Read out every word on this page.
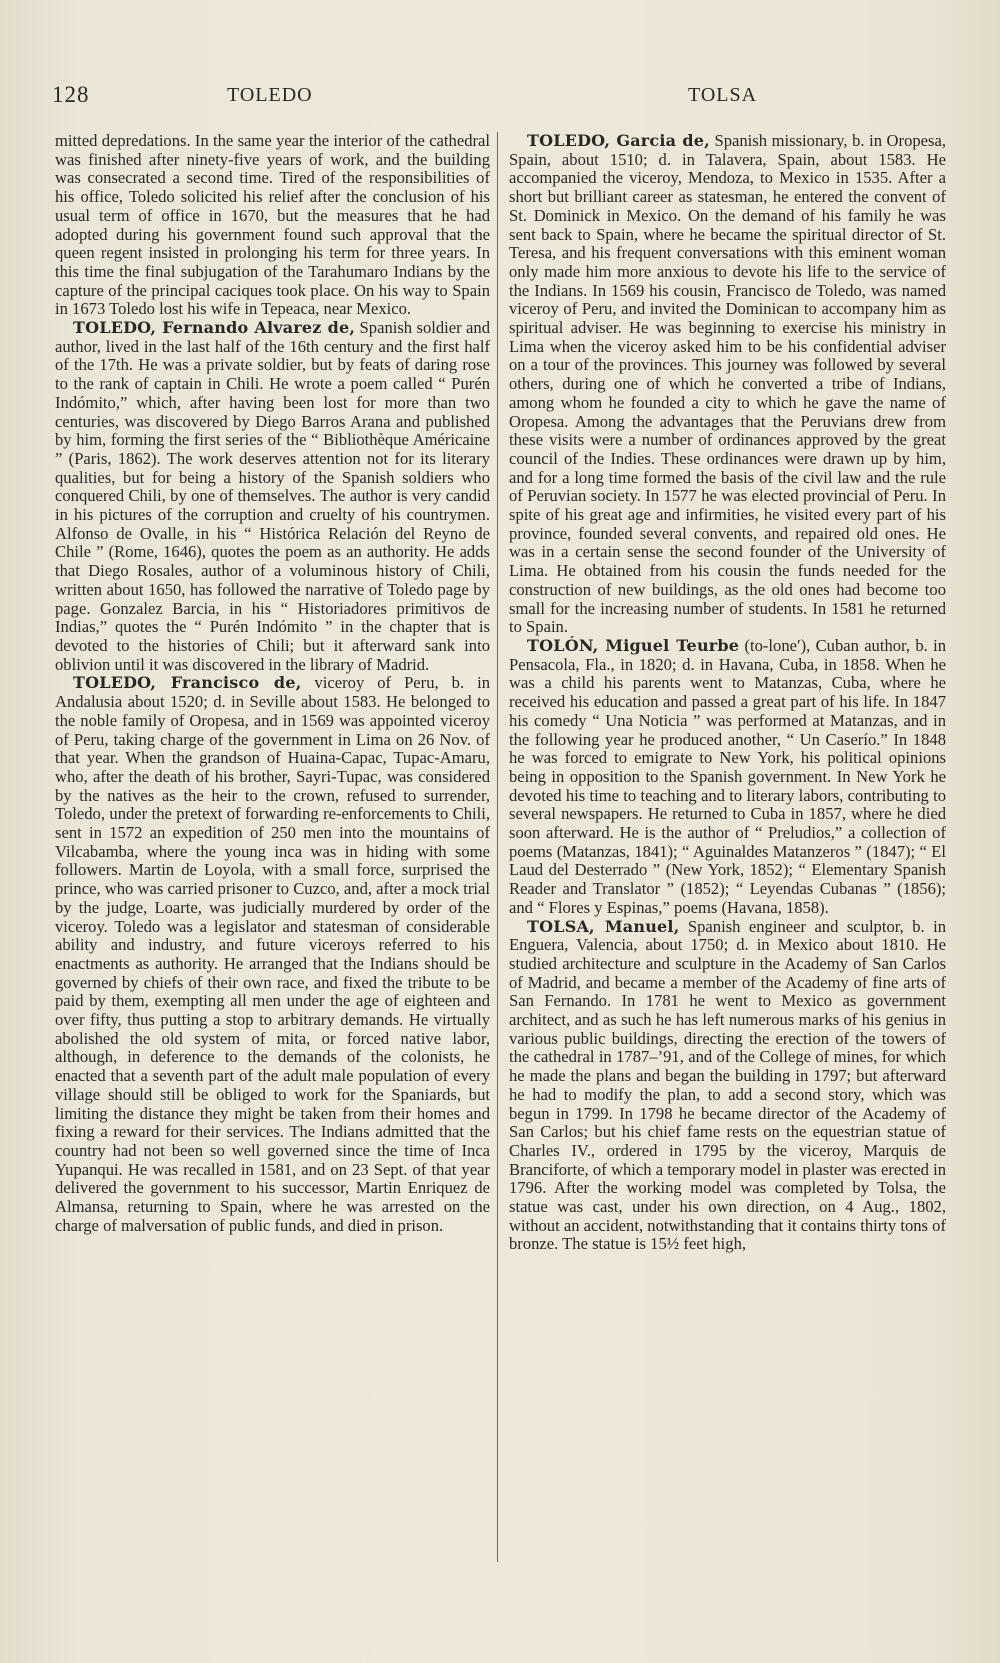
128	TOLEDO	TOLSA

mitted depredations. In the same year the interior of the cathedral was finished after ninety-five years of work, and the building was consecrated a second time. Tired of the responsibilities of his office, Toledo solicited his relief after the conclusion of his usual term of office in 1670, but the measures that he had adopted during his government found such approval that the queen regent insisted in prolonging his term for three years. In this time the final subjugation of the Tarahumaro Indians by the capture of the principal caciques took place. On his way to Spain in 1673 Toledo lost his wife in Tepeaca, near Mexico.

TOLEDO, Fernando Alvarez de, Spanish soldier and author, lived in the last half of the 16th century and the first half of the 17th. He was a private soldier, but by feats of daring rose to the rank of captain in Chili. He wrote a poem called “ Purén Indómito,” which, after having been lost for more than two centuries, was discovered by Diego Barros Arana and published by him, forming the first series of the “ Bibliothèque Américaine ” (Paris, 1862). The work deserves attention not for its literary qualities, but for being a history of the Spanish soldiers who conquered Chili, by one of themselves. The author is very candid in his pictures of the corruption and cruelty of his countrymen. Alfonso de Ovalle, in his “ Histórica Relación del Reyno de Chile ” (Rome, 1646), quotes the poem as an authority. He adds that Diego Rosales, author of a voluminous history of Chili, written about 1650, has followed the narrative of Toledo page by page. Gonzalez Barcia, in his “ Historiadores primitivos de Indias,” quotes the “ Purén Indómito ” in the chapter that is devoted to the histories of Chili; but it afterward sank into oblivion until it was discovered in the library of Madrid.

TOLEDO, Francisco de, viceroy of Peru, b. in Andalusia about 1520; d. in Seville about 1583. He belonged to the noble family of Oropesa, and in 1569 was appointed viceroy of Peru, taking charge of the government in Lima on 26 Nov. of that year. When the grandson of Huaina-Capac, Tupac-Amaru, who, after the death of his brother, Sayri-Tupac, was considered by the natives as the heir to the crown, refused to surrender, Toledo, under the pretext of forwarding re-enforcements to Chili, sent in 1572 an expedition of 250 men into the mountains of Vilcabamba, where the young inca was in hiding with some followers. Martin de Loyola, with a small force, surprised the prince, who was carried prisoner to Cuzco, and, after a mock trial by the judge, Loarte, was judicially murdered by order of the viceroy. Toledo was a legislator and statesman of considerable ability and industry, and future viceroys referred to his enactments as authority. He arranged that the Indians should be governed by chiefs of their own race, and fixed the tribute to be paid by them, exempting all men under the age of eighteen and over fifty, thus putting a stop to arbitrary demands. He virtually abolished the old system of mita, or forced native labor, although, in deference to the demands of the colonists, he enacted that a seventh part of the adult male population of every village should still be obliged to work for the Spaniards, but limiting the distance they might be taken from their homes and fixing a reward for their services. The Indians admitted that the country had not been so well governed since the time of Inca Yupanqui. He was recalled in 1581, and on 23 Sept. of that year delivered the government to his successor, Martin Enriquez de Almansa, returning to Spain, where he was arrested on the charge of malversation of public funds, and died in prison.

TOLEDO, Garcia de, Spanish missionary, b. in Oropesa, Spain, about 1510; d. in Talavera, Spain, about 1583. He accompanied the viceroy, Mendoza, to Mexico in 1535. After a short but brilliant career as statesman, he entered the convent of St. Dominick in Mexico. On the demand of his family he was sent back to Spain, where he became the spiritual director of St. Teresa, and his frequent conversations with this eminent woman only made him more anxious to devote his life to the service of the Indians. In 1569 his cousin, Francisco de Toledo, was named viceroy of Peru, and invited the Dominican to accompany him as spiritual adviser. He was beginning to exercise his ministry in Lima when the viceroy asked him to be his confidential adviser on a tour of the provinces. This journey was followed by several others, during one of which he converted a tribe of Indians, among whom he founded a city to which he gave the name of Oropesa. Among the advantages that the Peruvians drew from these visits were a number of ordinances approved by the great council of the Indies. These ordinances were drawn up by him, and for a long time formed the basis of the civil law and the rule of Peruvian society. In 1577 he was elected provincial of Peru. In spite of his great age and infirmities, he visited every part of his province, founded several convents, and repaired old ones. He was in a certain sense the second founder of the University of Lima. He obtained from his cousin the funds needed for the construction of new buildings, as the old ones had become too small for the increasing number of students. In 1581 he returned to Spain.

TOLÓN, Miguel Teurbe (to-lone′), Cuban author, b. in Pensacola, Fla., in 1820; d. in Havana, Cuba, in 1858. When he was a child his parents went to Matanzas, Cuba, where he received his education and passed a great part of his life. In 1847 his comedy “ Una Noticia ” was performed at Matanzas, and in the following year he produced another, “ Un Caserío.” In 1848 he was forced to emigrate to New York, his political opinions being in opposition to the Spanish government. In New York he devoted his time to teaching and to literary labors, contributing to several newspapers. He returned to Cuba in 1857, where he died soon afterward. He is the author of “ Preludios,” a collection of poems (Matanzas, 1841); “ Aguinaldes Matanzeros ” (1847); “ El Laud del Desterrado ” (New York, 1852); “ Elementary Spanish Reader and Translator ” (1852); “ Leyendas Cubanas ” (1856); and “ Flores y Espinas,” poems (Havana, 1858).

TOLSA, Manuel, Spanish engineer and sculptor, b. in Enguera, Valencia, about 1750; d. in Mexico about 1810. He studied architecture and sculpture in the Academy of San Carlos of Madrid, and became a member of the Academy of fine arts of San Fernando. In 1781 he went to Mexico as government architect, and as such he has left numerous marks of his genius in various public buildings, directing the erection of the towers of the cathedral in 1787–’91, and of the College of mines, for which he made the plans and began the building in 1797; but afterward he had to modify the plan, to add a second story, which was begun in 1799. In 1798 he became director of the Academy of San Carlos; but his chief fame rests on the equestrian statue of Charles IV., ordered in 1795 by the viceroy, Marquis de Branciforte, of which a temporary model in plaster was erected in 1796. After the working model was completed by Tolsa, the statue was cast, under his own direction, on 4 Aug., 1802, without an accident, notwithstanding that it contains thirty tons of bronze. The statue is 15½ feet high,
